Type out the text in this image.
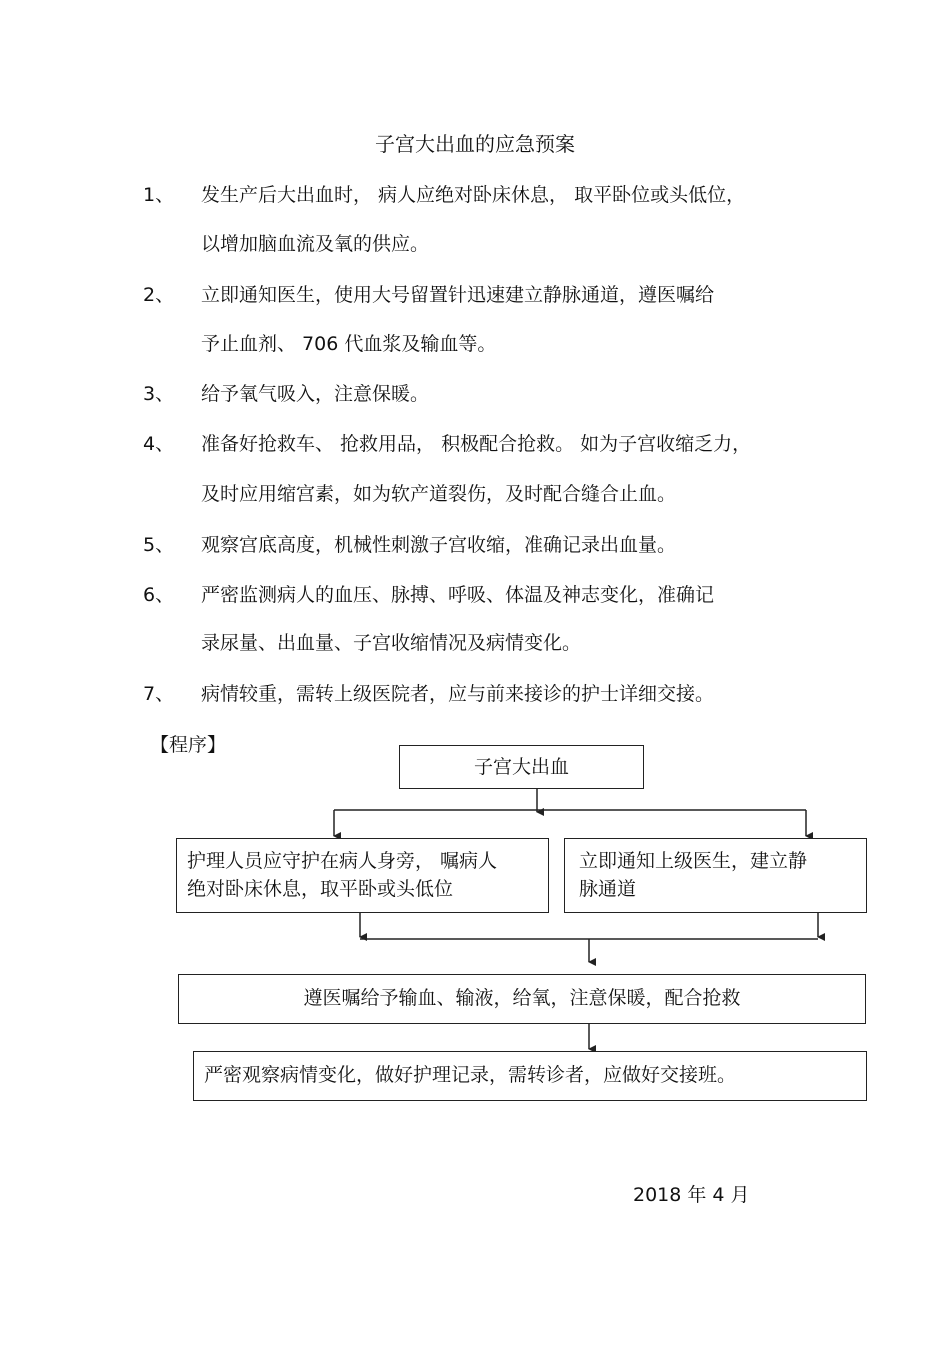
子宫大出血的应急预案
1、 发生产后大出血时， 病人应绝对卧床休息， 取平卧位或头低位，
以增加脑血流及氧的供应。
2、 立即通知医生，使用大号留置针迅速建立静脉通道，遵医嘱给
予止血剂、 706 代血浆及输血等。
3、 给予氧气吸入，注意保暖。
4、 准备好抢救车、 抢救用品， 积极配合抢救。 如为子宫收缩乏力，
及时应用缩宫素，如为软产道裂伤，及时配合缝合止血。
5、 观察宫底高度，机械性刺激子宫收缩，准确记录出血量。
6、 严密监测病人的血压、脉搏、呼吸、体温及神志变化，准确记
录尿量、出血量、子宫收缩情况及病情变化。
7、 病情较重，需转上级医院者，应与前来接诊的护士详细交接。
【程序】
子宫大出血
护理人员应守护在病人身旁， 嘱病人
绝对卧床休息，取平卧或头低位
立即通知上级医生，建立静
脉通道
遵医嘱给予输血、输液，给氧，注意保暖，配合抢救
严密观察病情变化，做好护理记录，需转诊者，应做好交接班。
2018 年 4 月
